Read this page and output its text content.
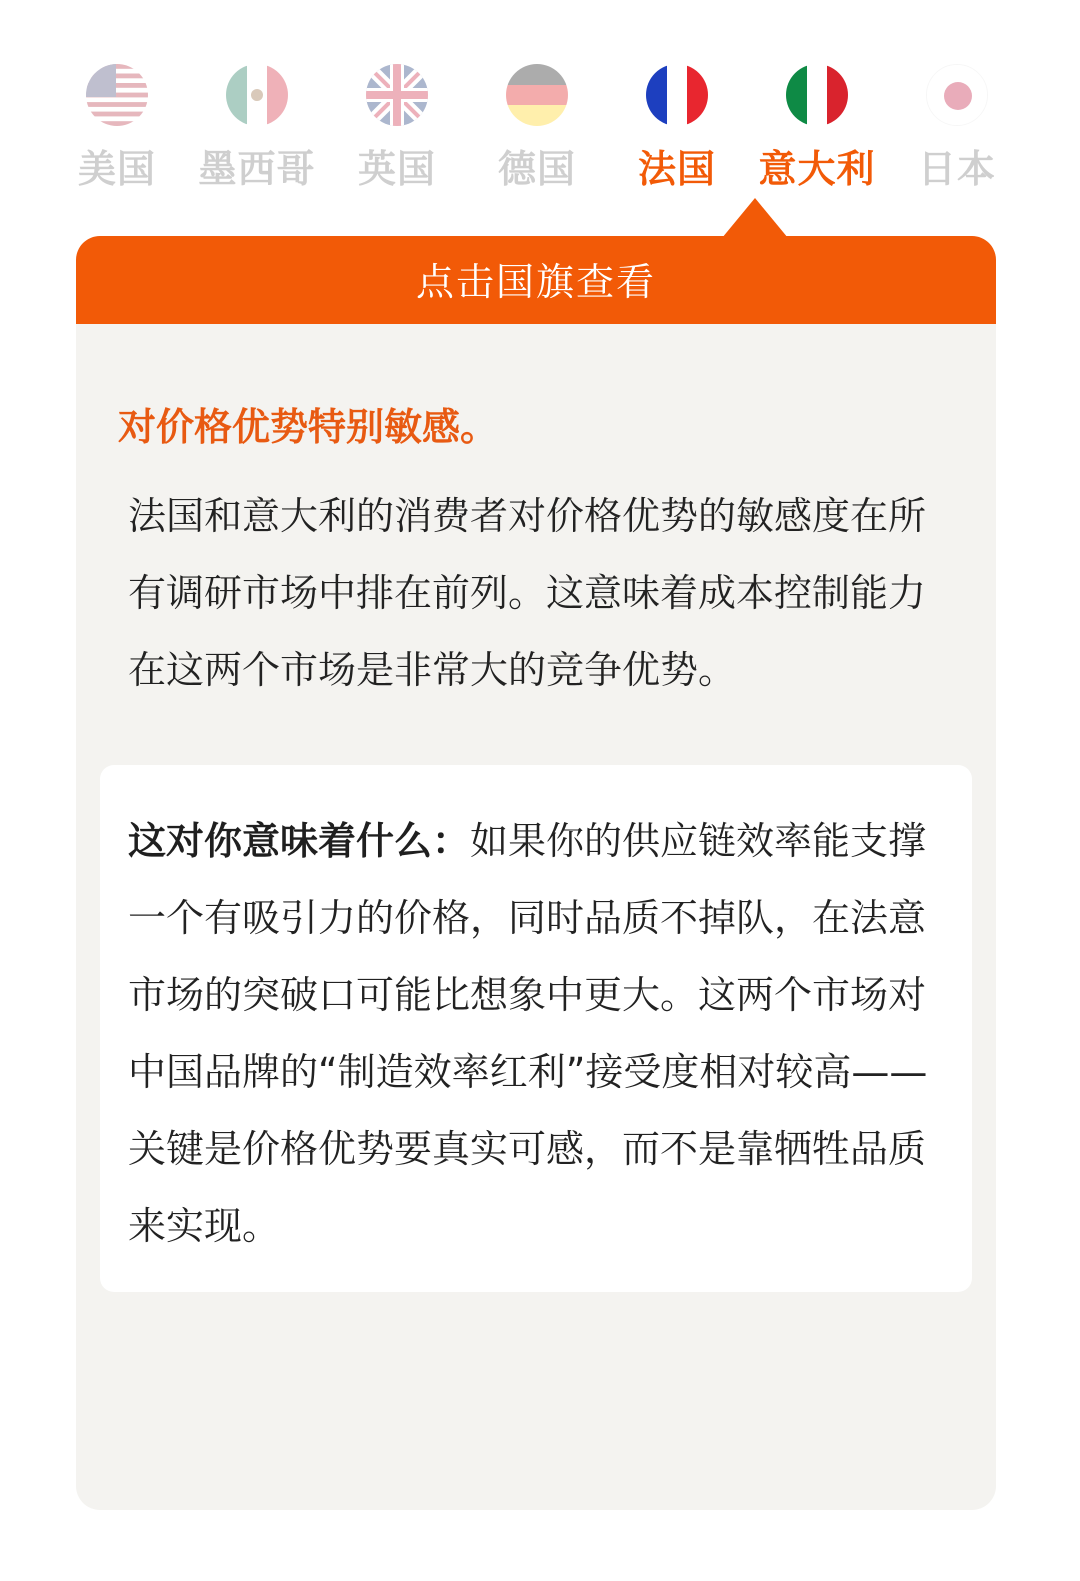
美国	墨西哥	英国	德国	法国	意大利	日本
点击国旗查看
对价格优势特别敏感。
法国和意大利的消费者对价格优势的敏感度在所有调研市场中排在前列。这意味着成本控制能力在这两个市场是非常大的竞争优势。
这对你意味着什么：如果你的供应链效率能支撑一个有吸引力的价格，同时品质不掉队，在法意市场的突破口可能比想象中更大。这两个市场对中国品牌的“制造效率红利”接受度相对较高——关键是价格优势要真实可感，而不是靠牺牲品质来实现。
